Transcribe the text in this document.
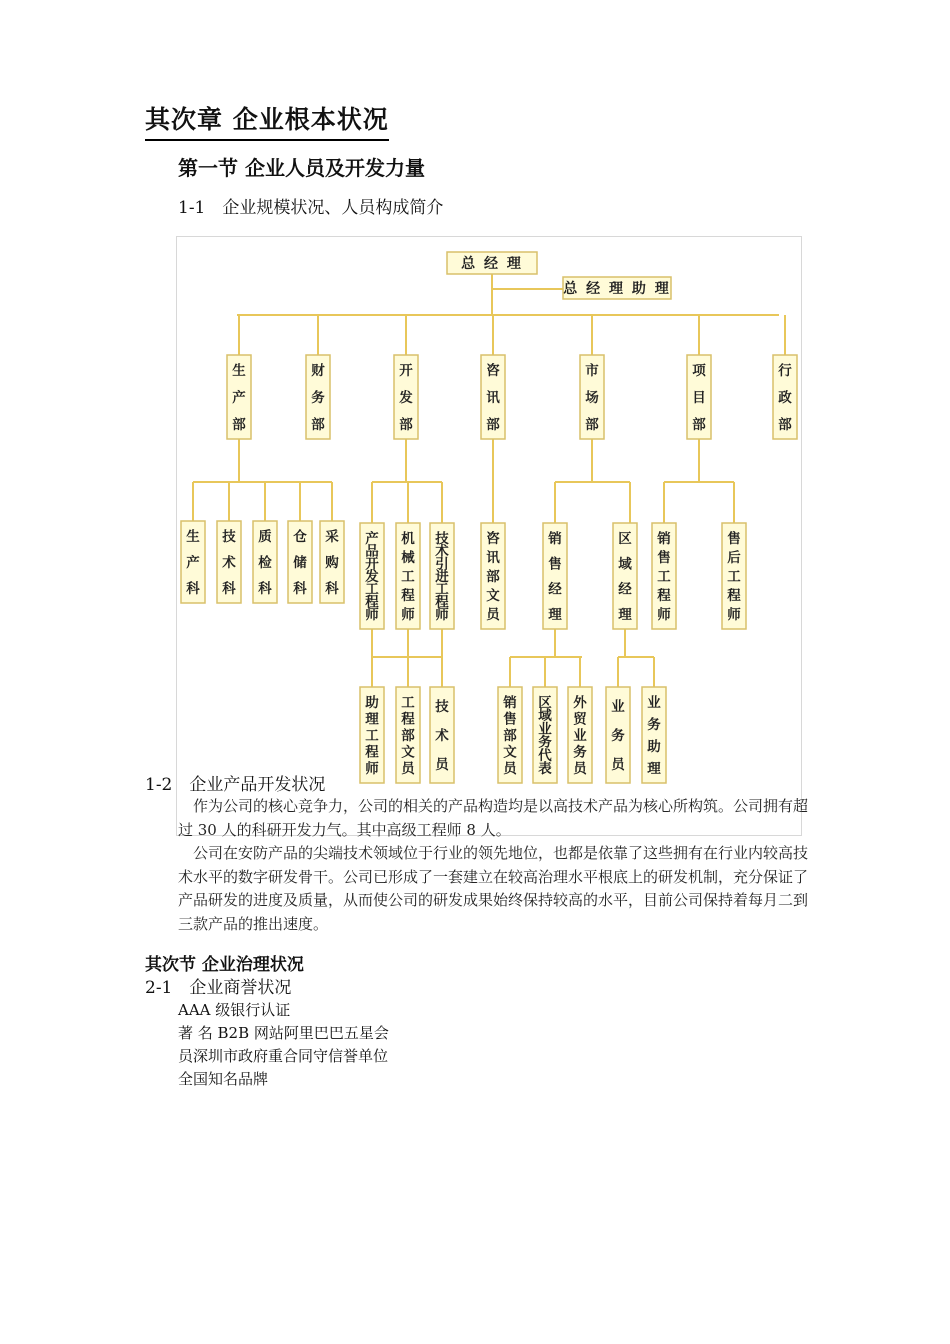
其次章 企业根本状况
第一节 企业人员及开发力量
1-1　企业规模状况、人员构成简介
总 经 理
总 经 理 助 理
生产部
财务部
开发部
咨讯部
市场部
项目部
行政部
生产科
技术科
质检科
仓储科
采购科
产品开发工程师
机械工程师
技术引进工程师
助理工程师
工程部文员
技术员
咨讯部文员
销售经理
区域经理
销售部文员
区域业务代表
外贸业务员
业务员
业务助理
销售工程师
售后工程师
1-2　企业产品开发状况
作为公司的核心竞争力，公司的相关的产品构造均是以高技术产品为核心所构筑。公司拥有超过 30 人的科研开发力气。其中高级工程师 8 人。
公司在安防产品的尖端技术领域位于行业的领先地位，也都是依靠了这些拥有在行业内较高技术水平的数字研发骨干。公司已形成了一套建立在较高治理水平根底上的研发机制，充分保证了产品研发的进度及质量，从而使公司的研发成果始终保持较高的水平，目前公司保持着每月二到三款产品的推出速度。
其次节 企业治理状况
2-1　企业商誉状况
AAA 级银行认证
著 名 B2B 网站阿里巴巴五星会
员深圳市政府重合同守信誉单位
全国知名品牌
